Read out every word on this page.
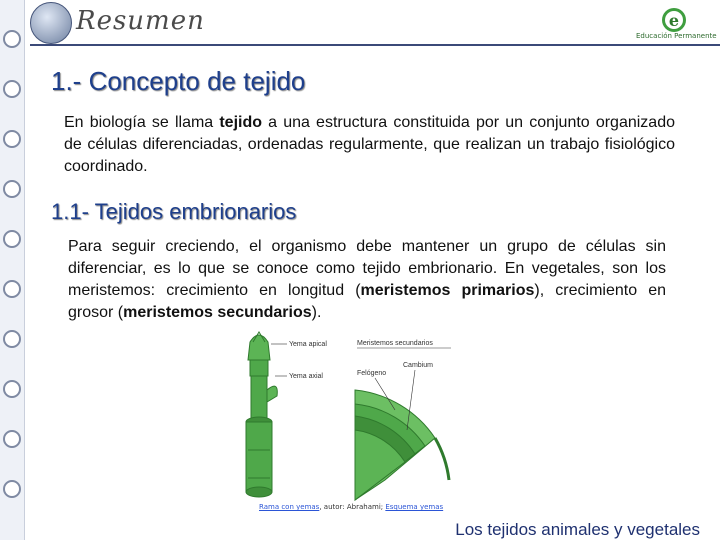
Resumen	e
Educación Permanente
1.- Concepto de tejido

En biología se llama tejido a una estructura constituida por un conjunto organizado de células diferenciadas, ordenadas regularmente, que realizan un trabajo fisiológico coordinado.

1.1- Tejidos embrionarios

Para seguir creciendo, el organismo debe mantener un grupo de células sin diferenciar, es lo que se conoce como tejido embrionario. En vegetales, son los meristemos: crecimiento en longitud (meristemos primarios), crecimiento en grosor (meristemos secundarios).

Yema apical
Yema axial
Meristemos secundarios
Cambium
Felógeno
Rama con yemas, autor: Abrahami; Esquema yemas
Los tejidos animales y vegetales
